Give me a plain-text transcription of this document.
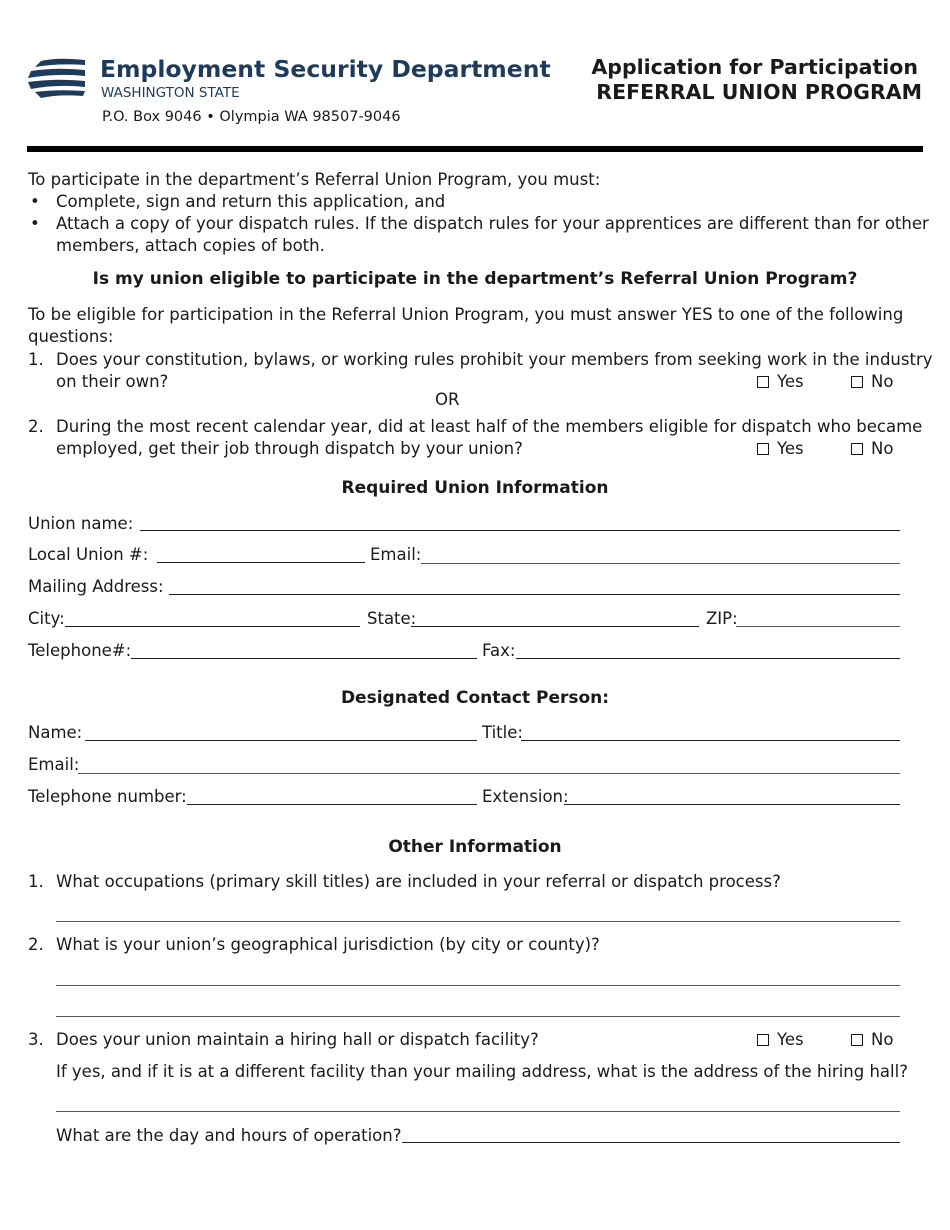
Employment Security Department
WASHINGTON STATE
P.O. Box 9046 • Olympia WA 98507-9046
Application for Participation
REFERRAL UNION PROGRAM
To participate in the department’s Referral Union Program, you must:
• Complete, sign and return this application, and
• Attach a copy of your dispatch rules. If the dispatch rules for your apprentices are different than for other
members, attach copies of both.
Is my union eligible to participate in the department’s Referral Union Program?
To be eligible for participation in the Referral Union Program, you must answer YES to one of the following
questions:
1. Does your constitution, bylaws, or working rules prohibit your members from seeking work in the industry
on their own?	Yes	No
OR
2. During the most recent calendar year, did at least half of the members eligible for dispatch who became
employed, get their job through dispatch by your union?	Yes	No
Required Union Information
Union name:
Local Union #:	Email:
Mailing Address:
City:	State:	ZIP:
Telephone#:	Fax:
Designated Contact Person:
Name:	Title:
Email:
Telephone number:	Extension:
Other Information
1. What occupations (primary skill titles) are included in your referral or dispatch process?
2. What is your union’s geographical jurisdiction (by city or county)?
3. Does your union maintain a hiring hall or dispatch facility?	Yes	No
If yes, and if it is at a different facility than your mailing address, what is the address of the hiring hall?
What are the day and hours of operation?
